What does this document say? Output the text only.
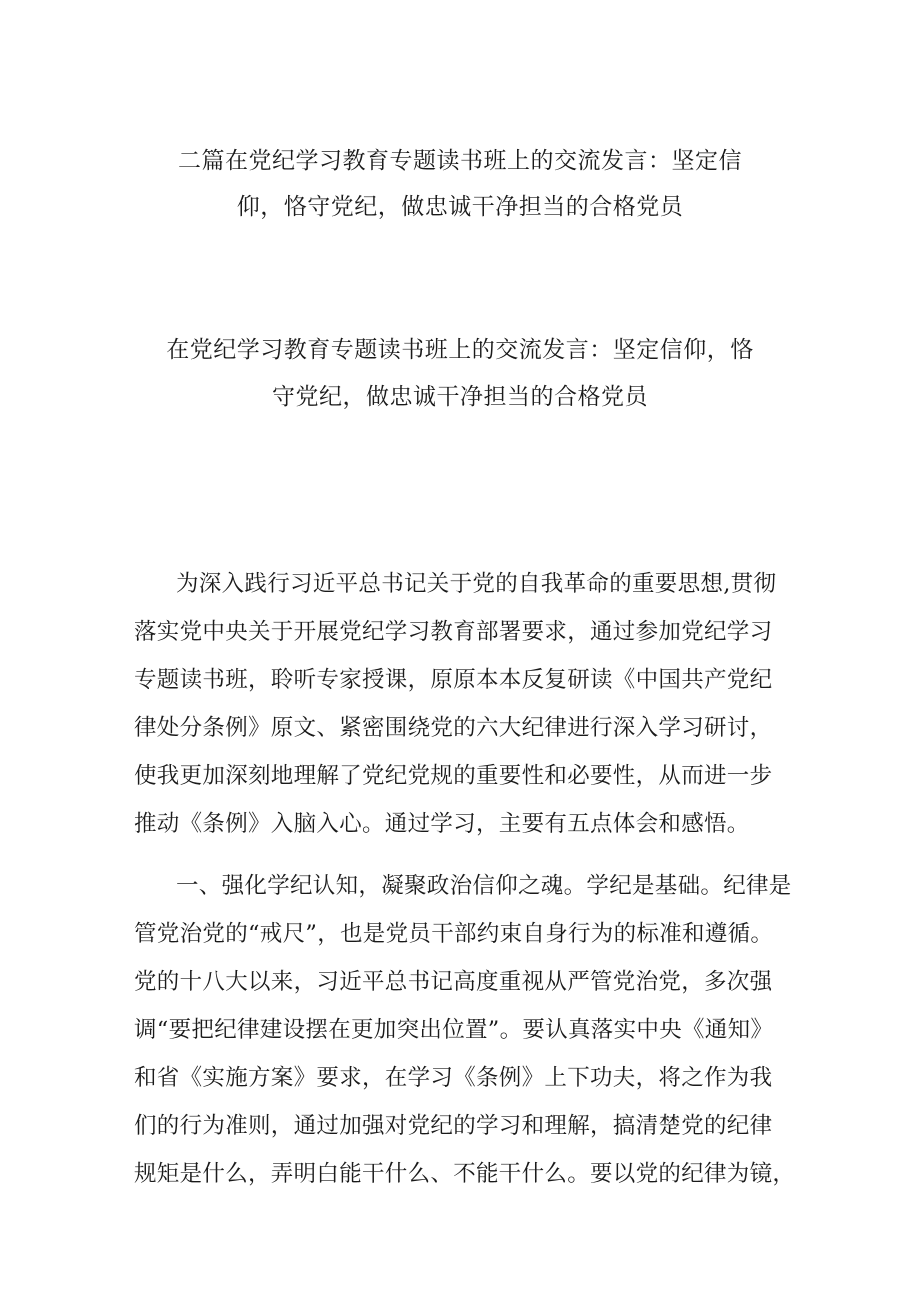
二篇在党纪学习教育专题读书班上的交流发言：坚定信
仰，恪守党纪，做忠诚干净担当的合格党员
在党纪学习教育专题读书班上的交流发言：坚定信仰，恪
守党纪，做忠诚干净担当的合格党员
为深入践行习近平总书记关于党的自我革命的重要思想,贯彻
落实党中央关于开展党纪学习教育部署要求，通过参加党纪学习
专题读书班，聆听专家授课，原原本本反复研读《中国共产党纪
律处分条例》原文、紧密围绕党的六大纪律进行深入学习研讨，
使我更加深刻地理解了党纪党规的重要性和必要性，从而进一步
推动《条例》入脑入心。通过学习，主要有五点体会和感悟。
一、强化学纪认知，凝聚政治信仰之魂。学纪是基础。纪律是
管党治党的“戒尺”，也是党员干部约束自身行为的标准和遵循。
党的十八大以来，习近平总书记高度重视从严管党治党，多次强
调“要把纪律建设摆在更加突出位置”。要认真落实中央《通知》
和省《实施方案》要求，在学习《条例》上下功夫，将之作为我
们的行为准则，通过加强对党纪的学习和理解，搞清楚党的纪律
规矩是什么，弄明白能干什么、不能干什么。要以党的纪律为镜，
